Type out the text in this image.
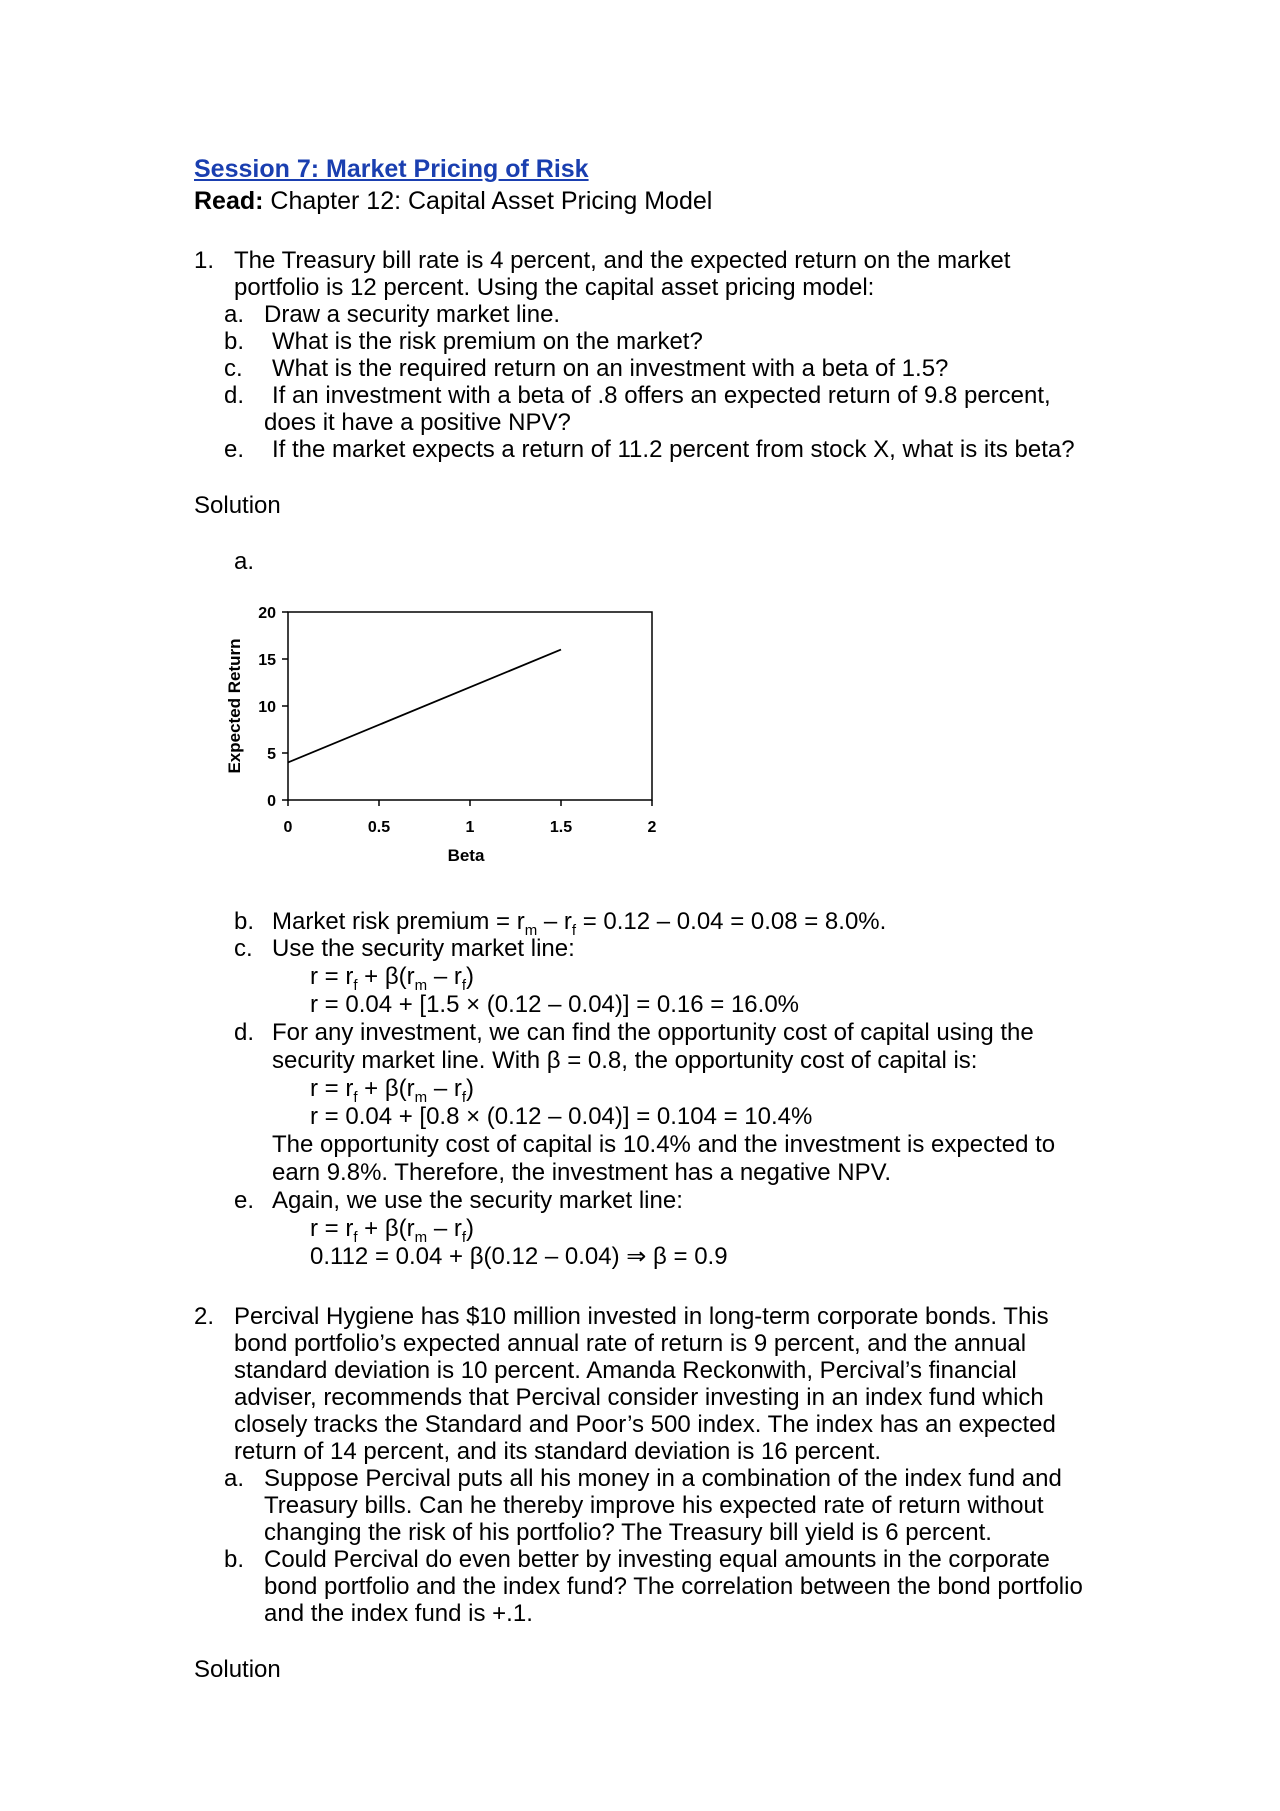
Session 7: Market Pricing of Risk
Read: Chapter 12: Capital Asset Pricing Model
1. The Treasury bill rate is 4 percent, and the expected return on the market
portfolio is 12 percent. Using the capital asset pricing model:
a. Draw a security market line.
b. What is the risk premium on the market?
c. What is the required return on an investment with a beta of 1.5?
d. If an investment with a beta of .8 offers an expected return of 9.8 percent,
does it have a positive NPV?
e. If the market expects a return of 11.2 percent from stock X, what is its beta?
Solution
a.
0
5
10
15
20
0	0.5	1	1.5	2
Beta
Expected Return
b. Market risk premium = $r_m - r_f = 0.12 - 0.04 = 0.08 = 8.0\%$.
c. Use the security market line:
$r = r_f + \beta(r_m - r_f)$
r = 0.04 + [1.5 × (0.12 – 0.04)] = 0.16 = 16.0%
d. For any investment, we can find the opportunity cost of capital using the
security market line. With β = 0.8, the opportunity cost of capital is:
$r = r_f + \beta(r_m - r_f)$
r = 0.04 + [0.8 × (0.12 – 0.04)] = 0.104 = 10.4%
The opportunity cost of capital is 10.4% and the investment is expected to
earn 9.8%. Therefore, the investment has a negative NPV.
e. Again, we use the security market line:
$r = r_f + \beta(r_m - r_f)$
0.112 = 0.04 + β(0.12 – 0.04) ⇒ β = 0.9
2. Percival Hygiene has $10 million invested in long-term corporate bonds. This
bond portfolio’s expected annual rate of return is 9 percent, and the annual
standard deviation is 10 percent. Amanda Reckonwith, Percival’s financial
adviser, recommends that Percival consider investing in an index fund which
closely tracks the Standard and Poor’s 500 index. The index has an expected
return of 14 percent, and its standard deviation is 16 percent.
a. Suppose Percival puts all his money in a combination of the index fund and
Treasury bills. Can he thereby improve his expected rate of return without
changing the risk of his portfolio? The Treasury bill yield is 6 percent.
b. Could Percival do even better by investing equal amounts in the corporate
bond portfolio and the index fund? The correlation between the bond portfolio
and the index fund is +.1.
Solution
